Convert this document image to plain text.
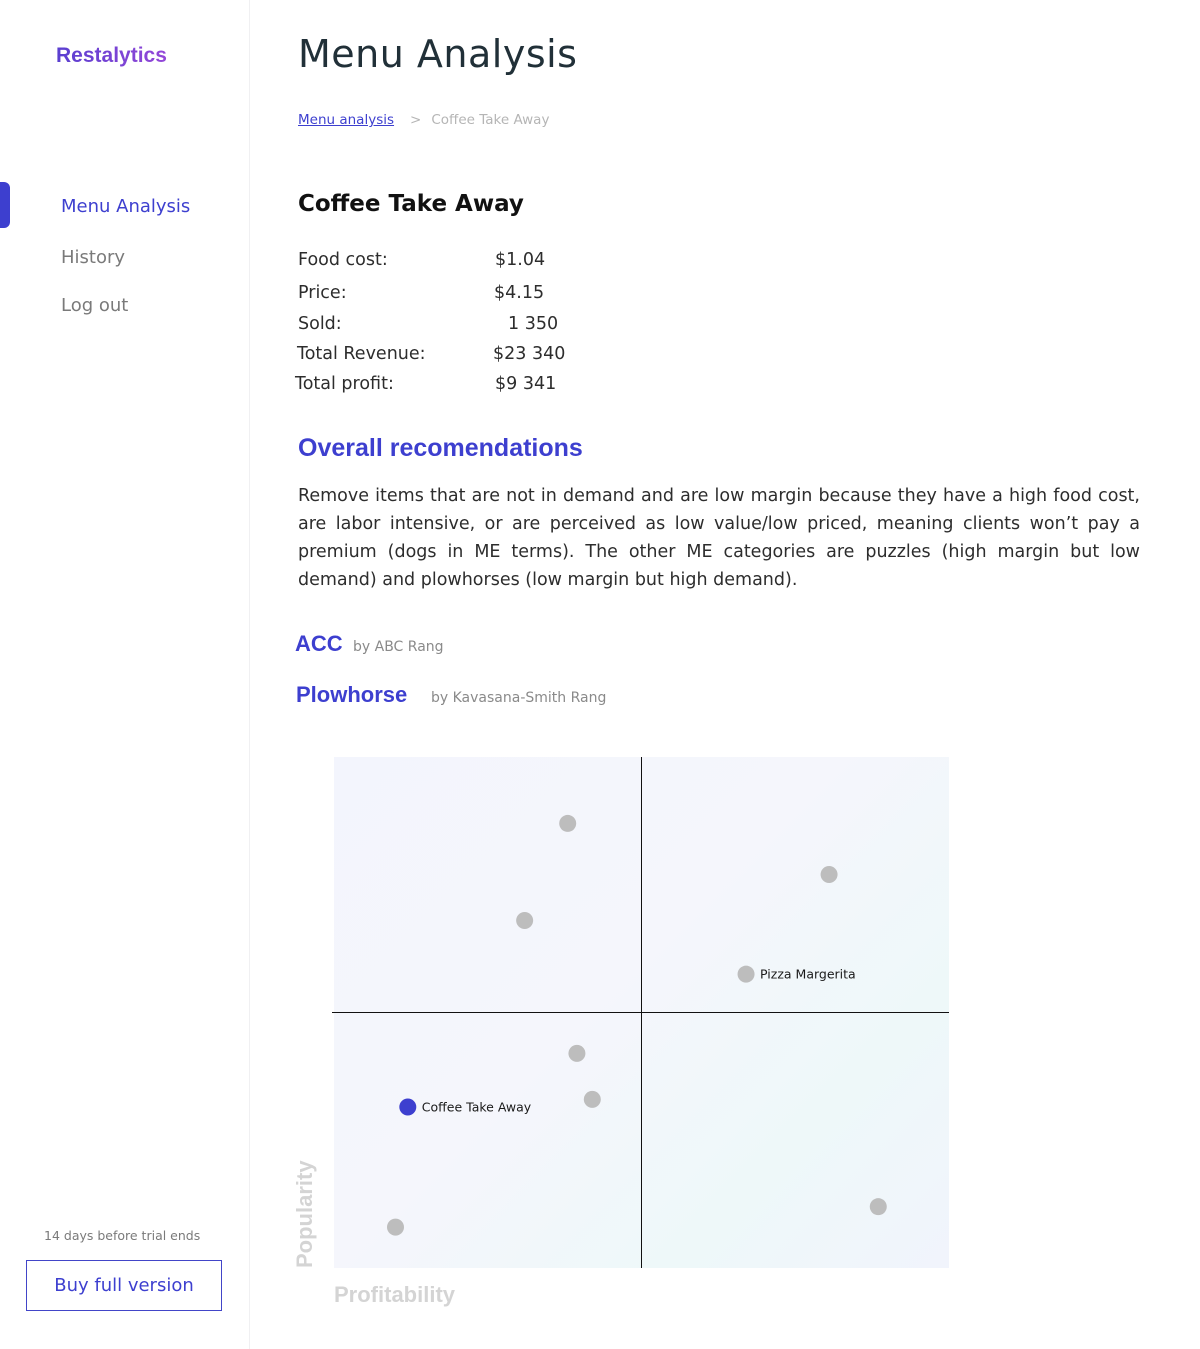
Restalytics
Menu Analysis
History
Log out
14 days before trial ends
Buy full version
Menu Analysis
Menu analysis > Coffee Take Away
Coffee Take Away
Food cost:	$1.04
Price:	$4.15
Sold:	1 350
Total Revenue:	$23 340
Total profit:	$9 341
Overall recomendations

Remove items that are not in demand and are low margin because they have a high food cost, are labor intensive, or are perceived as low value/low priced, meaning clients won’t pay a premium (dogs in ME terms). The other ME categories are puzzles (high margin but low demand) and plowhorses (low margin but high demand).

ACC by ABC Rang
Plowhorse by Kavasana-Smith Rang
Pizza Margerita
Coffee Take Away
Popularity
Profitability
